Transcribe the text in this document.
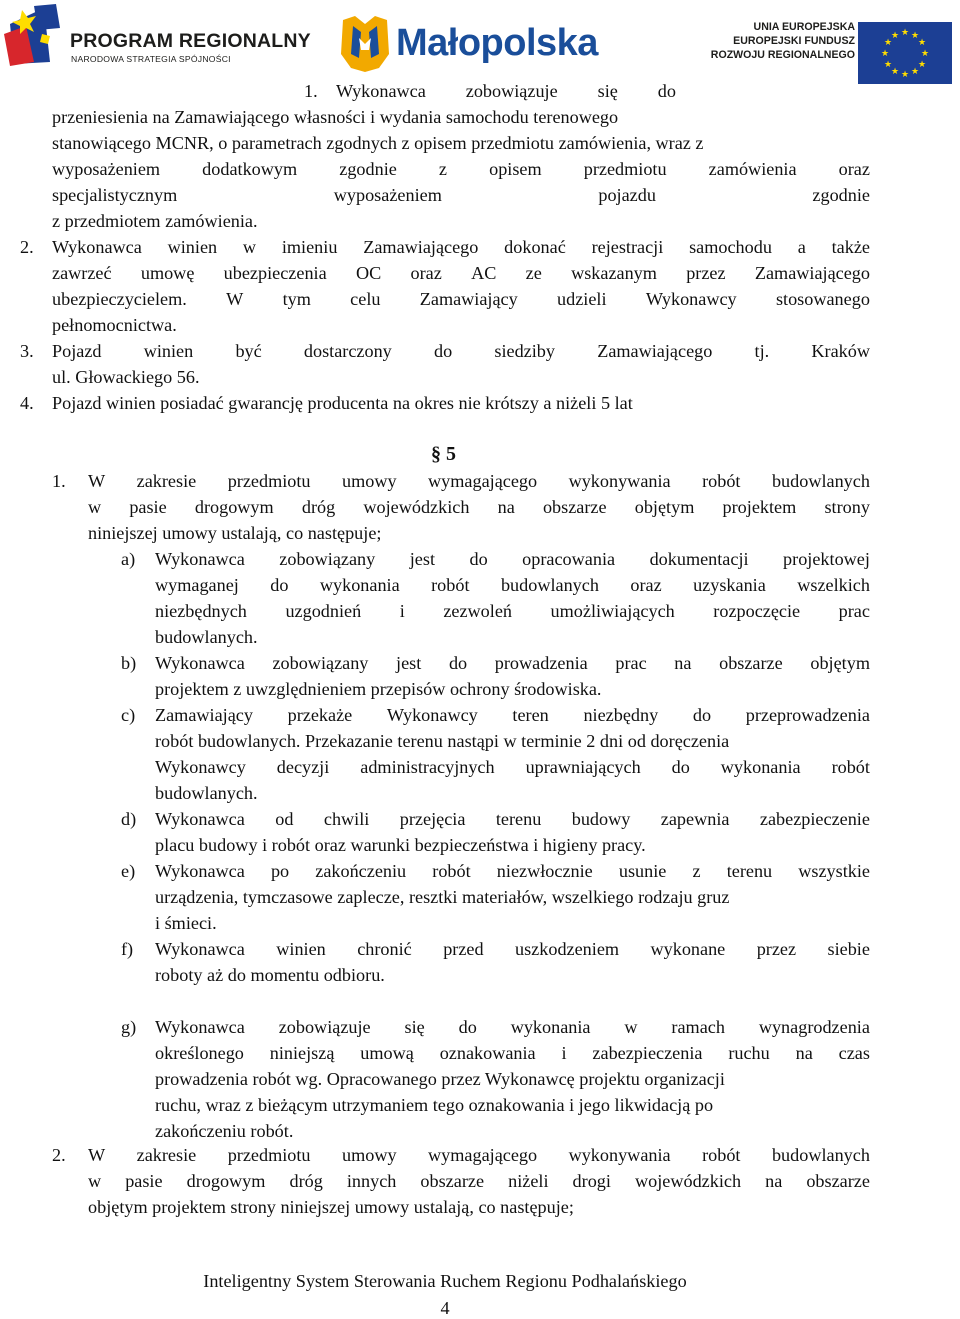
PROGRAM REGIONALNY
NARODOWA STRATEGIA SPÓJNOŚCI	Małopolska	UNIA EUROPEJSKA
EUROPEJSKI FUNDUSZ
ROZWOJU REGIONALNEGO
★ ★
★
★
★
★
★
★
★
★
★
★
1. Wykonawca zobowiązuje się do
przeniesienia na Zamawiającego własności i wydania samochodu terenowego
stanowiącego MCNR, o parametrach zgodnych z opisem przedmiotu zamówienia, wraz z
wyposażeniem dodatkowym zgodnie z opisem przedmiotu zamówienia oraz
specjalistycznym	wyposażeniem	pojazdu	zgodnie
z przedmiotem zamówienia.
2. Wykonawca winien w imieniu Zamawiającego dokonać rejestracji samochodu a także
zawrzeć umowę ubezpieczenia OC oraz AC ze wskazanym przez Zamawiającego
ubezpieczycielem. W tym celu Zamawiający udzieli Wykonawcy stosowanego
pełnomocnictwa.
3. Pojazd winien być dostarczony do siedziby Zamawiającego tj. Kraków
ul. Głowackiego 56.
4. Pojazd winien posiadać gwarancję producenta na okres nie krótszy a niżeli 5 lat
§ 5
1. W zakresie przedmiotu umowy wymagającego wykonywania robót budowlanych
w pasie drogowym dróg wojewódzkich na obszarze objętym projektem strony
niniejszej umowy ustalają, co następuje;
a) Wykonawca zobowiązany jest do opracowania dokumentacji projektowej
wymaganej do wykonania robót budowlanych oraz uzyskania wszelkich
niezbędnych uzgodnień i zezwoleń umożliwiających rozpoczęcie prac
budowlanych.
b) Wykonawca zobowiązany jest do prowadzenia prac na obszarze objętym
projektem z uwzględnieniem przepisów ochrony środowiska.
c) Zamawiający przekaże Wykonawcy teren niezbędny do przeprowadzenia
robót budowlanych. Przekazanie terenu nastąpi w terminie 2 dni od doręczenia
Wykonawcy decyzji administracyjnych uprawniających do wykonania robót
budowlanych.
d) Wykonawca od chwili przejęcia terenu budowy zapewnia zabezpieczenie
placu budowy i robót oraz warunki bezpieczeństwa i higieny pracy.
e) Wykonawca po zakończeniu robót niezwłocznie usunie z terenu wszystkie
urządzenia, tymczasowe zaplecze, resztki materiałów, wszelkiego rodzaju gruz
i śmieci.
f) Wykonawca winien chronić przed uszkodzeniem wykonane przez siebie
roboty aż do momentu odbioru.
g) Wykonawca zobowiązuje się do wykonania w ramach wynagrodzenia
określonego niniejszą umową oznakowania i zabezpieczenia ruchu na czas
prowadzenia robót wg. Opracowanego przez Wykonawcę projektu organizacji
ruchu, wraz z bieżącym utrzymaniem tego oznakowania i jego likwidacją po
zakończeniu robót.
2. W zakresie przedmiotu umowy wymagającego wykonywania robót budowlanych
w pasie drogowym dróg innych obszarze niżeli drogi wojewódzkich na obszarze
objętym projektem strony niniejszej umowy ustalają, co następuje;
Inteligentny System Sterowania Ruchem Regionu Podhalańskiego
4
